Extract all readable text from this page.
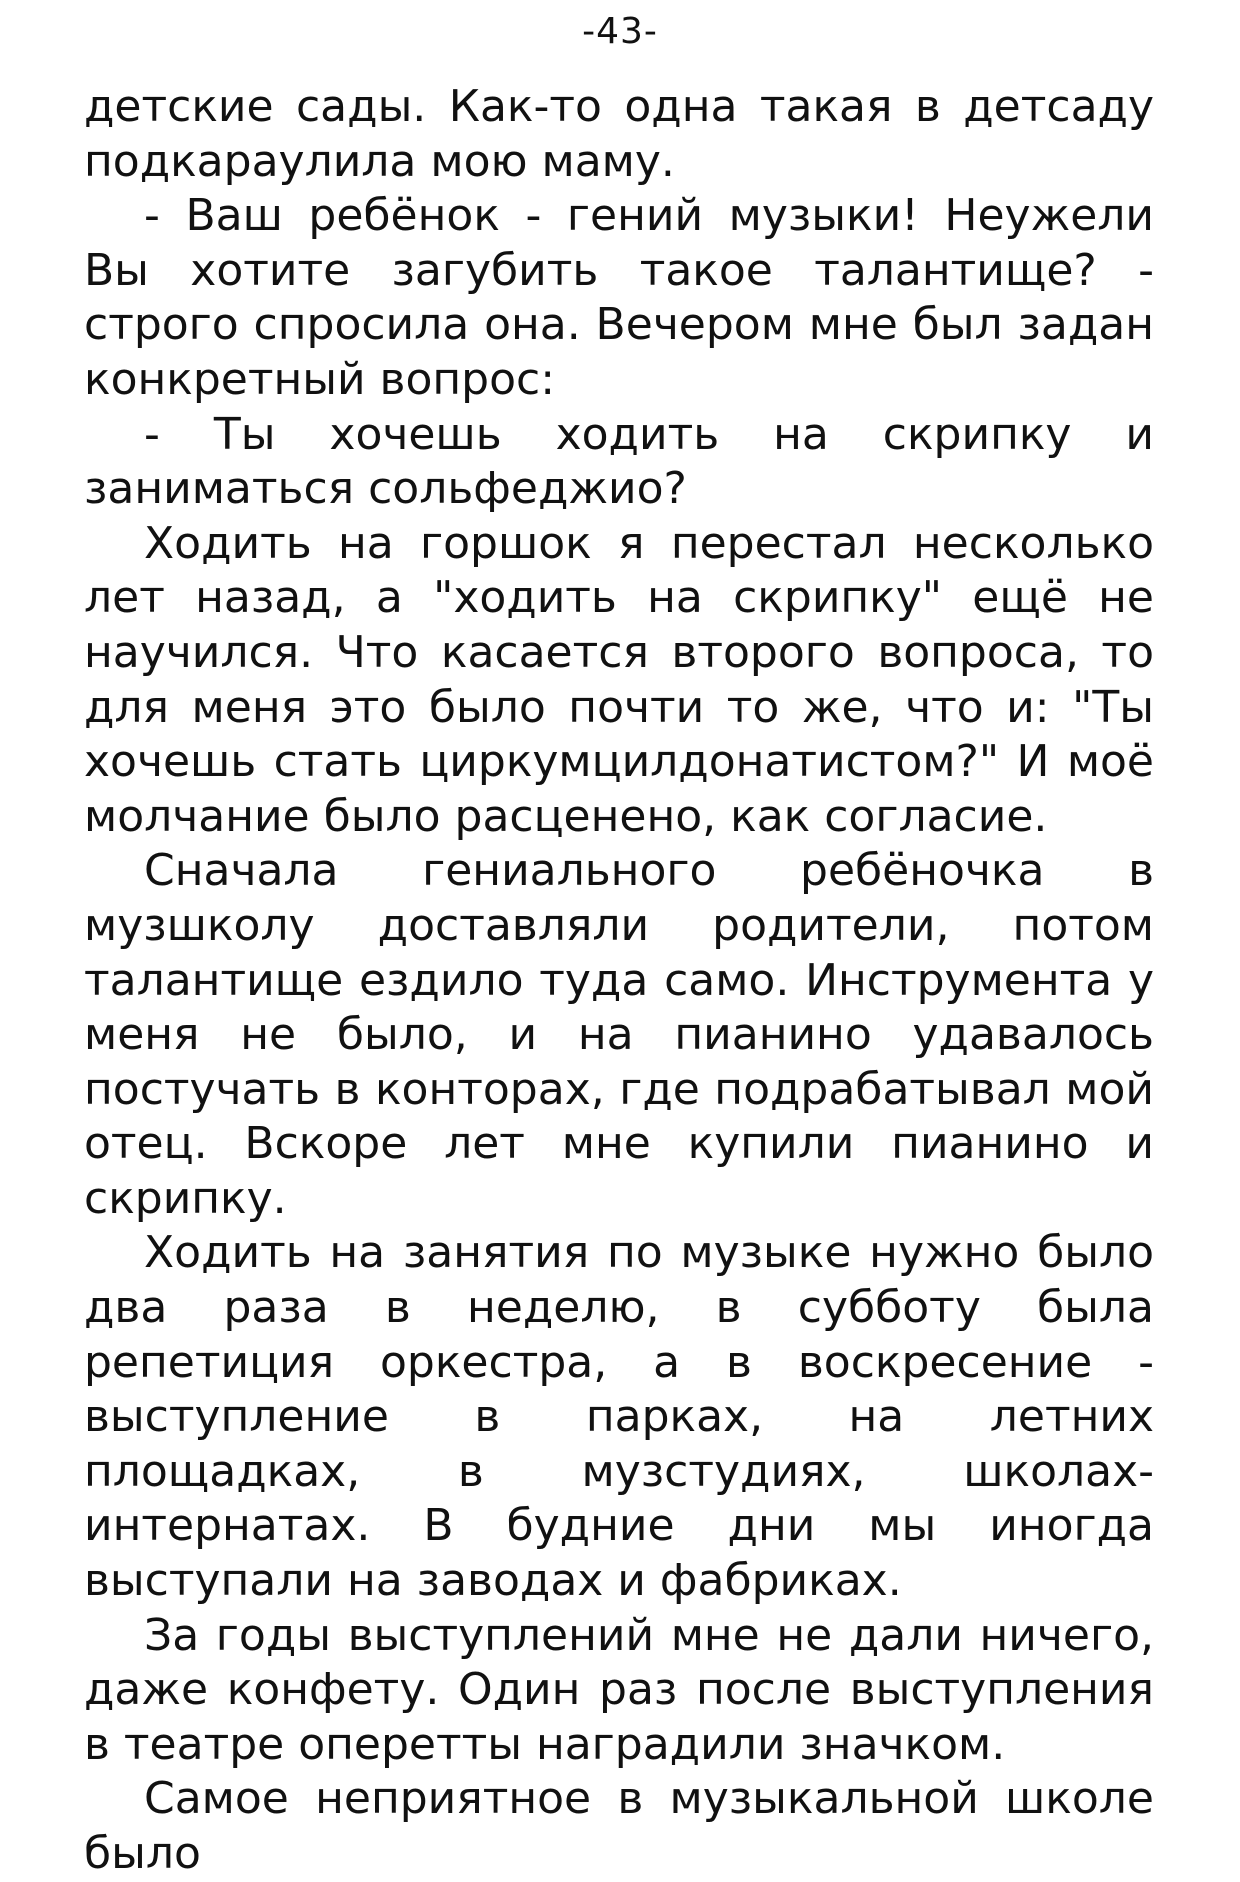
-43-

детские сады. Как-то одна такая в детсаду подкараулила мою маму.

- Ваш ребёнок - гений музыки! Неужели Вы хотите загубить такое талантище? - строго спросила она. Вечером мне был задан конкретный вопрос:

- Ты хочешь ходить на скрипку и заниматься сольфеджио?

Ходить на горшок я перестал несколько лет назад, а "ходить на скрипку" ещё не научился. Что касается второго вопроса, то для меня это было почти то же, что и: "Ты хочешь стать циркумцилдонатистом?" И моё молчание было расценено, как согласие.

Сначала гениального ребёночка в музшколу доставляли родители, потом талантище ездило туда само. Инструмента у меня не было, и на пианино удавалось постучать в конторах, где подрабатывал мой отец. Вскоре лет мне купили пианино и скрипку.

Ходить на занятия по музыке нужно было два раза в неделю, в субботу была репетиция оркестра, а в воскресение - выступление в парках, на летних площадках, в музстудиях, школах-интернатах. В будние дни мы иногда выступали на заводах и фабриках.

За годы выступлений мне не дали ничего, даже конфету. Один раз после выступления в театре оперетты наградили значком.

Самое неприятное в музыкальной школе было
